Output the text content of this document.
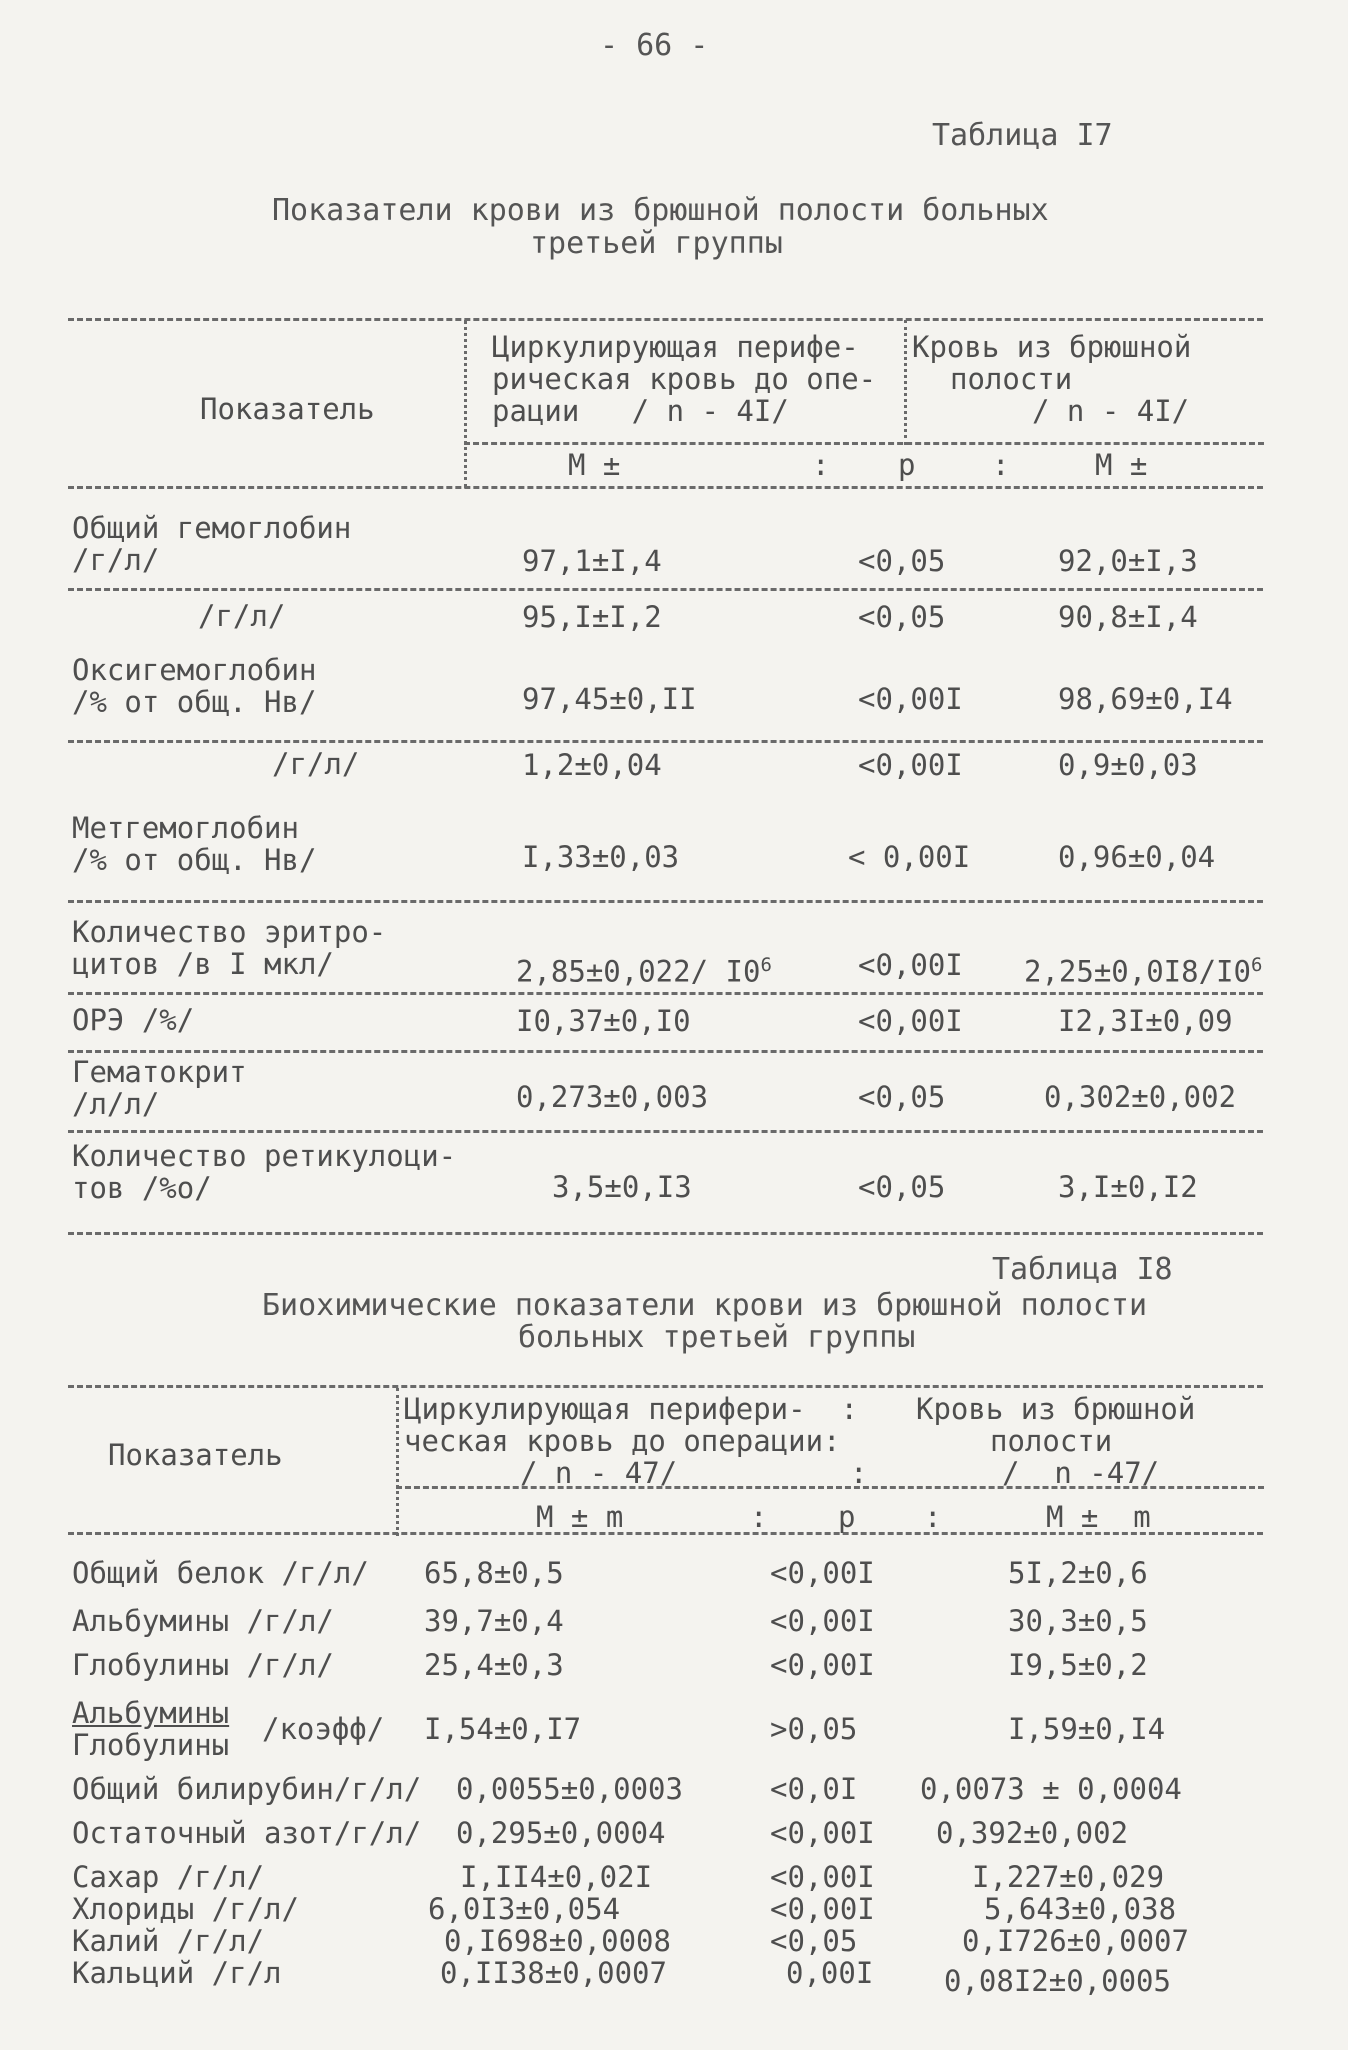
- 66 -
Таблица I7
Показатели крови из брюшной полости больных
третьей группы
Показатель
Циркулирующая перифе-
рическая кровь до опе-
рации   / n - 4I/
Кровь из брюшной
полости
/ n - 4I/
М ±	: р	:	М ±
Общий гемоглобин
/г/л/	97,1±I,4	<0,05	92,0±I,3
/г/л/	95,I±I,2	<0,05	90,8±I,4
Оксигемоглобин
/% от общ. Нв/	97,45±0,II	<0,00I	98,69±0,I4
/г/л/	1,2±0,04	<0,00I	0,9±0,03
Метгемоглобин
/% от общ. Нв/	I,33±0,03	< 0,00I	0,96±0,04
Количество эритро-
цитов /в I мкл/	2,85±0,022/ $I0^6$	<0,00I $2,25\pm 0,0I8/I0^6$
ОРЭ /%/	I0,37±0,I0	<0,00I	I2,3I±0,09
Гематокрит
/л/л/	0,273±0,003	<0,05	0,302±0,002
Количество ретикулоци-
тов /%о/	3,5±0,I3	<0,05	3,I±0,I2
Таблица I8
Биохимические показатели крови из брюшной полости
больных третьей группы
Показатель
Циркулирующая перифери-  :
ческая кровь до операции:
/ n - 47/	:
Кровь из брюшной
полости
/  n -47/
М ± m	: р :	М ±  m
Общий белок /г/л/ 65,8±0,5	<0,00I	5I,2±0,6
Альбумины /г/л/	39,7±0,4	<0,00I	30,3±0,5
Глобулины /г/л/	25,4±0,3	<0,00I	I9,5±0,2
Альбумины
Глобулины /коэфф/ I,54±0,I7	>0,05	I,59±0,I4
Общий билирубин/г/л/ 0,0055±0,0003	<0,0I 0,0073 ± 0,0004
Остаточный азот/г/л/ 0,295±0,0004	<0,00I 0,392±0,002
Сахар /г/л/	I,II4±0,02I	<0,00I	I,227±0,029
Хлориды /г/л/	6,0I3±0,054	<0,00I	5,643±0,038
Калий /г/л/	0,I698±0,0008	<0,05	0,I726±0,0007
Кальций /г/л	0,II38±0,0007	0,00I 0,08I2±0,0005
